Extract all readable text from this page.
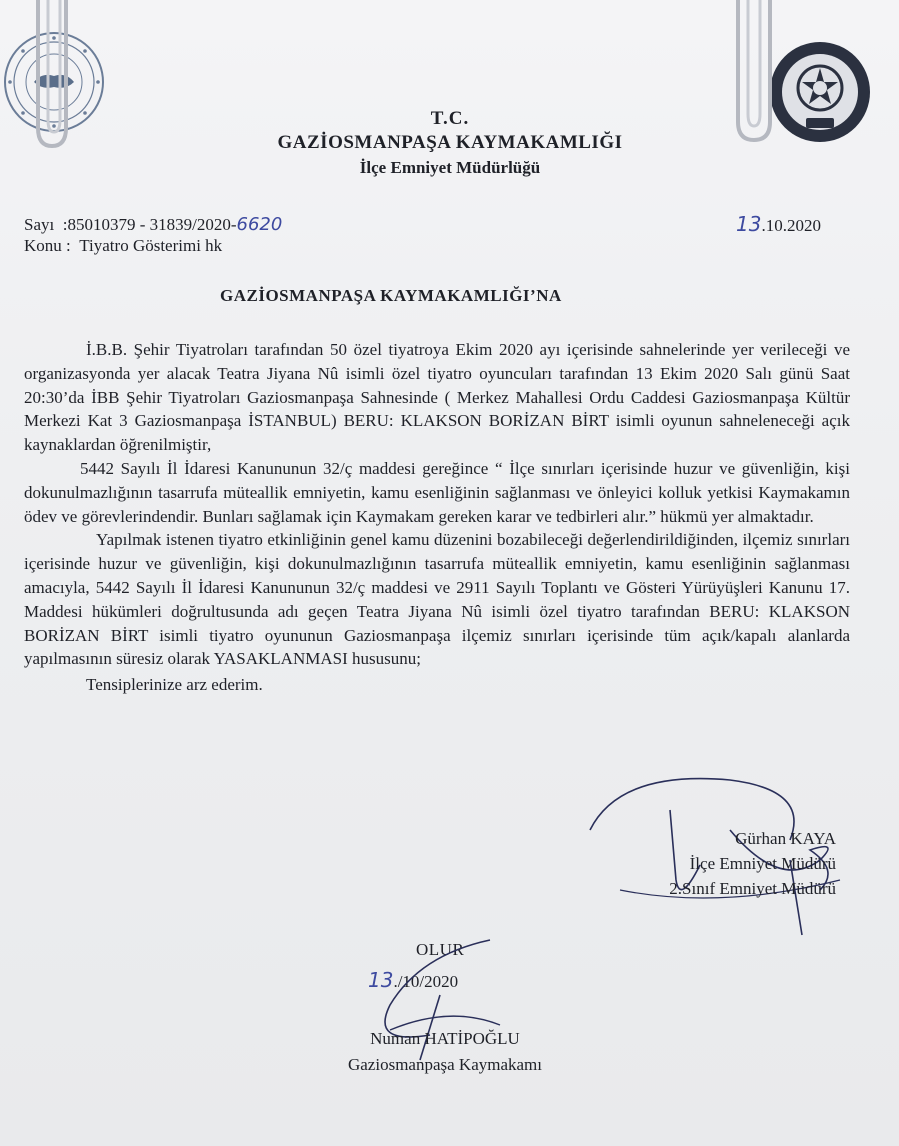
T.C.
GAZİOSMANPAŞA KAYMAKAMLIĞI
İlçe Emniyet Müdürlüğü
Sayı :85010379 - 31839/2020-6620
Konu : Tiyatro Gösterimi hk
13.10.2020
GAZİOSMANPAŞA KAYMAKAMLIĞI’NA

İ.B.B. Şehir Tiyatroları tarafından 50 özel tiyatroya Ekim 2020 ayı içerisinde sahnelerinde yer verileceği ve organizasyonda yer alacak Teatra Jiyana Nû isimli özel tiyatro oyuncuları tarafından 13 Ekim 2020 Salı günü Saat 20:30’da İBB Şehir Tiyatroları Gaziosmanpaşa Sahnesinde ( Merkez Mahallesi Ordu Caddesi Gaziosmanpaşa Kültür Merkezi Kat 3 Gaziosmanpaşa İSTANBUL) BERU: KLAKSON BORİZAN BİRT isimli oyunun sahneleneceği açık kaynaklardan öğrenilmiştir,

5442 Sayılı İl İdaresi Kanununun 32/ç maddesi gereğince “ İlçe sınırları içerisinde huzur ve güvenliğin, kişi dokunulmazlığının tasarrufa müteallik emniyetin, kamu esenliğinin sağlanması ve önleyici kolluk yetkisi Kaymakamın ödev ve görevlerindendir. Bunları sağlamak için Kaymakam gereken karar ve tedbirleri alır.” hükmü yer almaktadır.

Yapılmak istenen tiyatro etkinliğinin genel kamu düzenini bozabileceği değerlendirildiğinden, ilçemiz sınırları içerisinde huzur ve güvenliğin, kişi dokunulmazlığının tasarrufa müteallik emniyetin, kamu esenliğinin sağlanması amacıyla, 5442 Sayılı İl İdaresi Kanununun 32/ç maddesi ve 2911 Sayılı Toplantı ve Gösteri Yürüyüşleri Kanunu 17. Maddesi hükümleri doğrultusunda adı geçen Teatra Jiyana Nû isimli özel tiyatro tarafından BERU: KLAKSON BORİZAN BİRT isimli tiyatro oyununun Gaziosmanpaşa ilçemiz sınırları içerisinde tüm açık/kapalı alanlarda yapılmasının süresiz olarak YASAKLANMASI hususunu;

Tensiplerinize arz ederim.

Gürhan KAYA
İlçe Emniyet Müdürü
2.Sınıf Emniyet Müdürü
OLUR
13./10/2020
Numan HATİPOĞLU
Gaziosmanpaşa Kaymakamı
